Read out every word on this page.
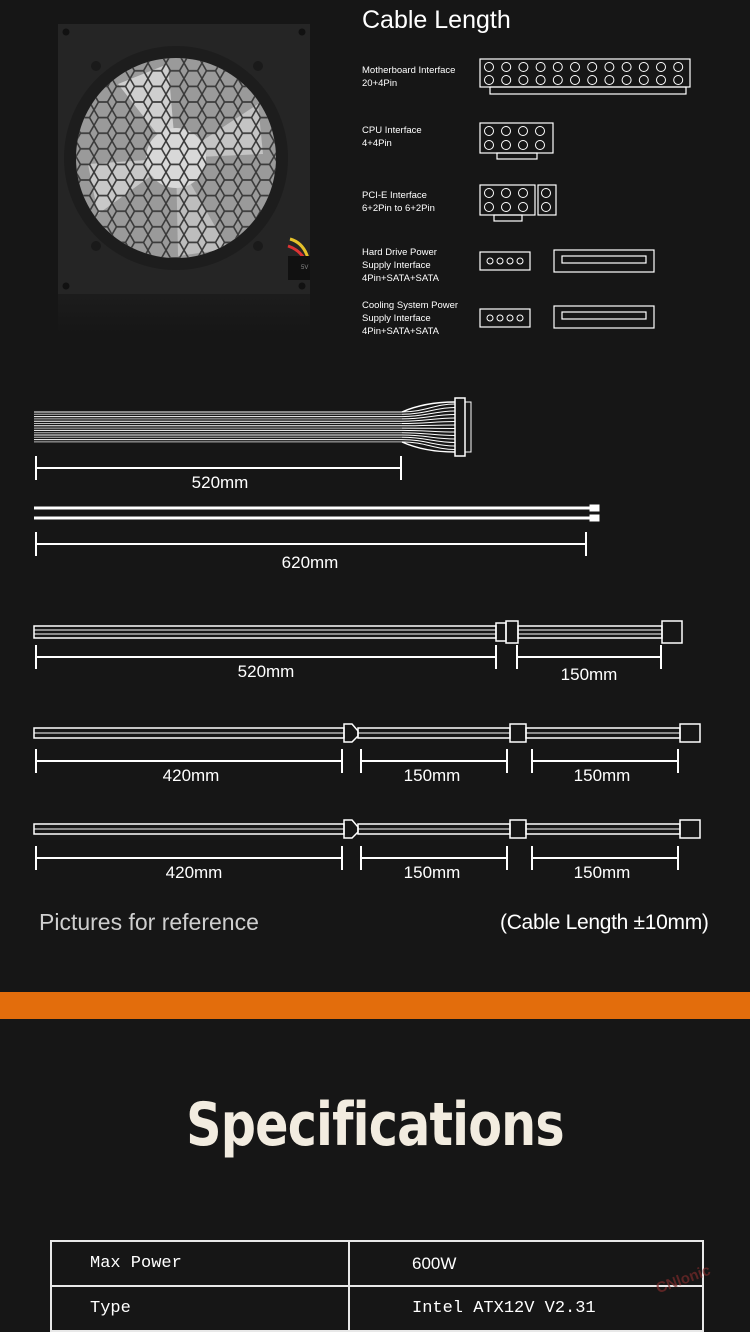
5V
Cable Length
Motherboard Interface
20+4Pin
CPU Interface
4+4Pin
PCI-E Interface
6+2Pin to 6+2Pin
Hard Drive Power
Supply Interface
4Pin+SATA+SATA
Cooling System Power
Supply Interface
4Pin+SATA+SATA
520mm
620mm
520mm	150mm
420mm	150mm	150mm
420mm	150mm	150mm
Pictures for reference	(Cable Length ±10mm)
Specifications
Max Power	600W
Type	Intel ATX12V V2.31
CNlonic
